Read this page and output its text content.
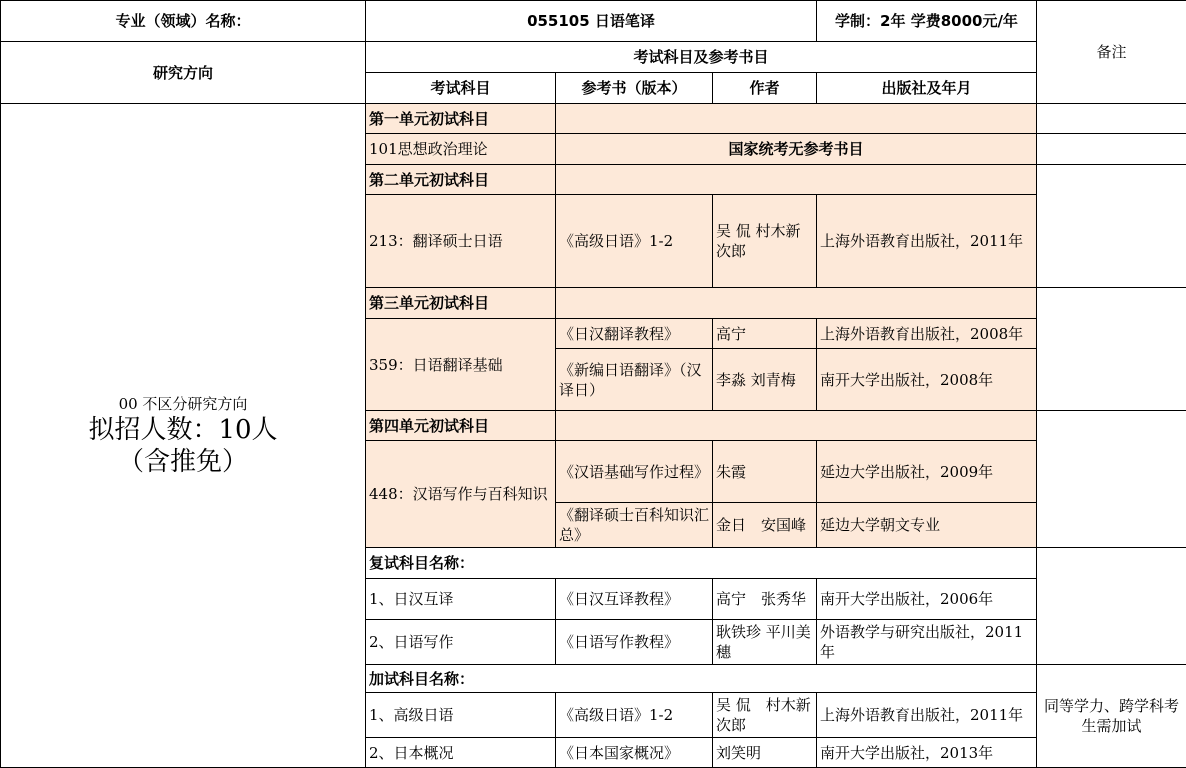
专业（领域）名称：	055105 日语笔译			学制：2年 学费8000元/年	备注
研究方向	考试科目及参考书目				
	考试科目	参考书（版本）	作者	出版社及年月	

00 不区分研究方向
拟招人数：10人
（含推免）	第一单元初试科目				
	101思想政治理论	国家统考无参考书目			
	第二单元初试科目				
	213：翻译硕士日语	《高级日语》1-2	吴 侃 村木新次郎	上海外语教育出版社，2011年	
	第三单元初试科目				
	359：日语翻译基础	《日汉翻译教程》	高宁	上海外语教育出版社，2008年	
		《新编日语翻译》（汉译日）	李淼 刘青梅	南开大学出版社，2008年	
	第四单元初试科目				
	448：汉语写作与百科知识	《汉语基础写作过程》	朱霞	延边大学出版社，2009年	
		《翻译硕士百科知识汇总》	金日　安国峰	延边大学朝文专业	
	复试科目名称：				
	1、日汉互译	《日汉互译教程》	高宁　张秀华	南开大学出版社，2006年	
	2、日语写作	《日语写作教程》	耿铁珍 平川美穗	外语教学与研究出版社，2011年	
	加试科目名称：				同等学力、跨学科考生需加试
	1、高级日语	《高级日语》1-2	吴 侃　村木新次郎	上海外语教育出版社，2011年	
	2、日本概况	《日本国家概况》	刘笑明	南开大学出版社，2013年	
